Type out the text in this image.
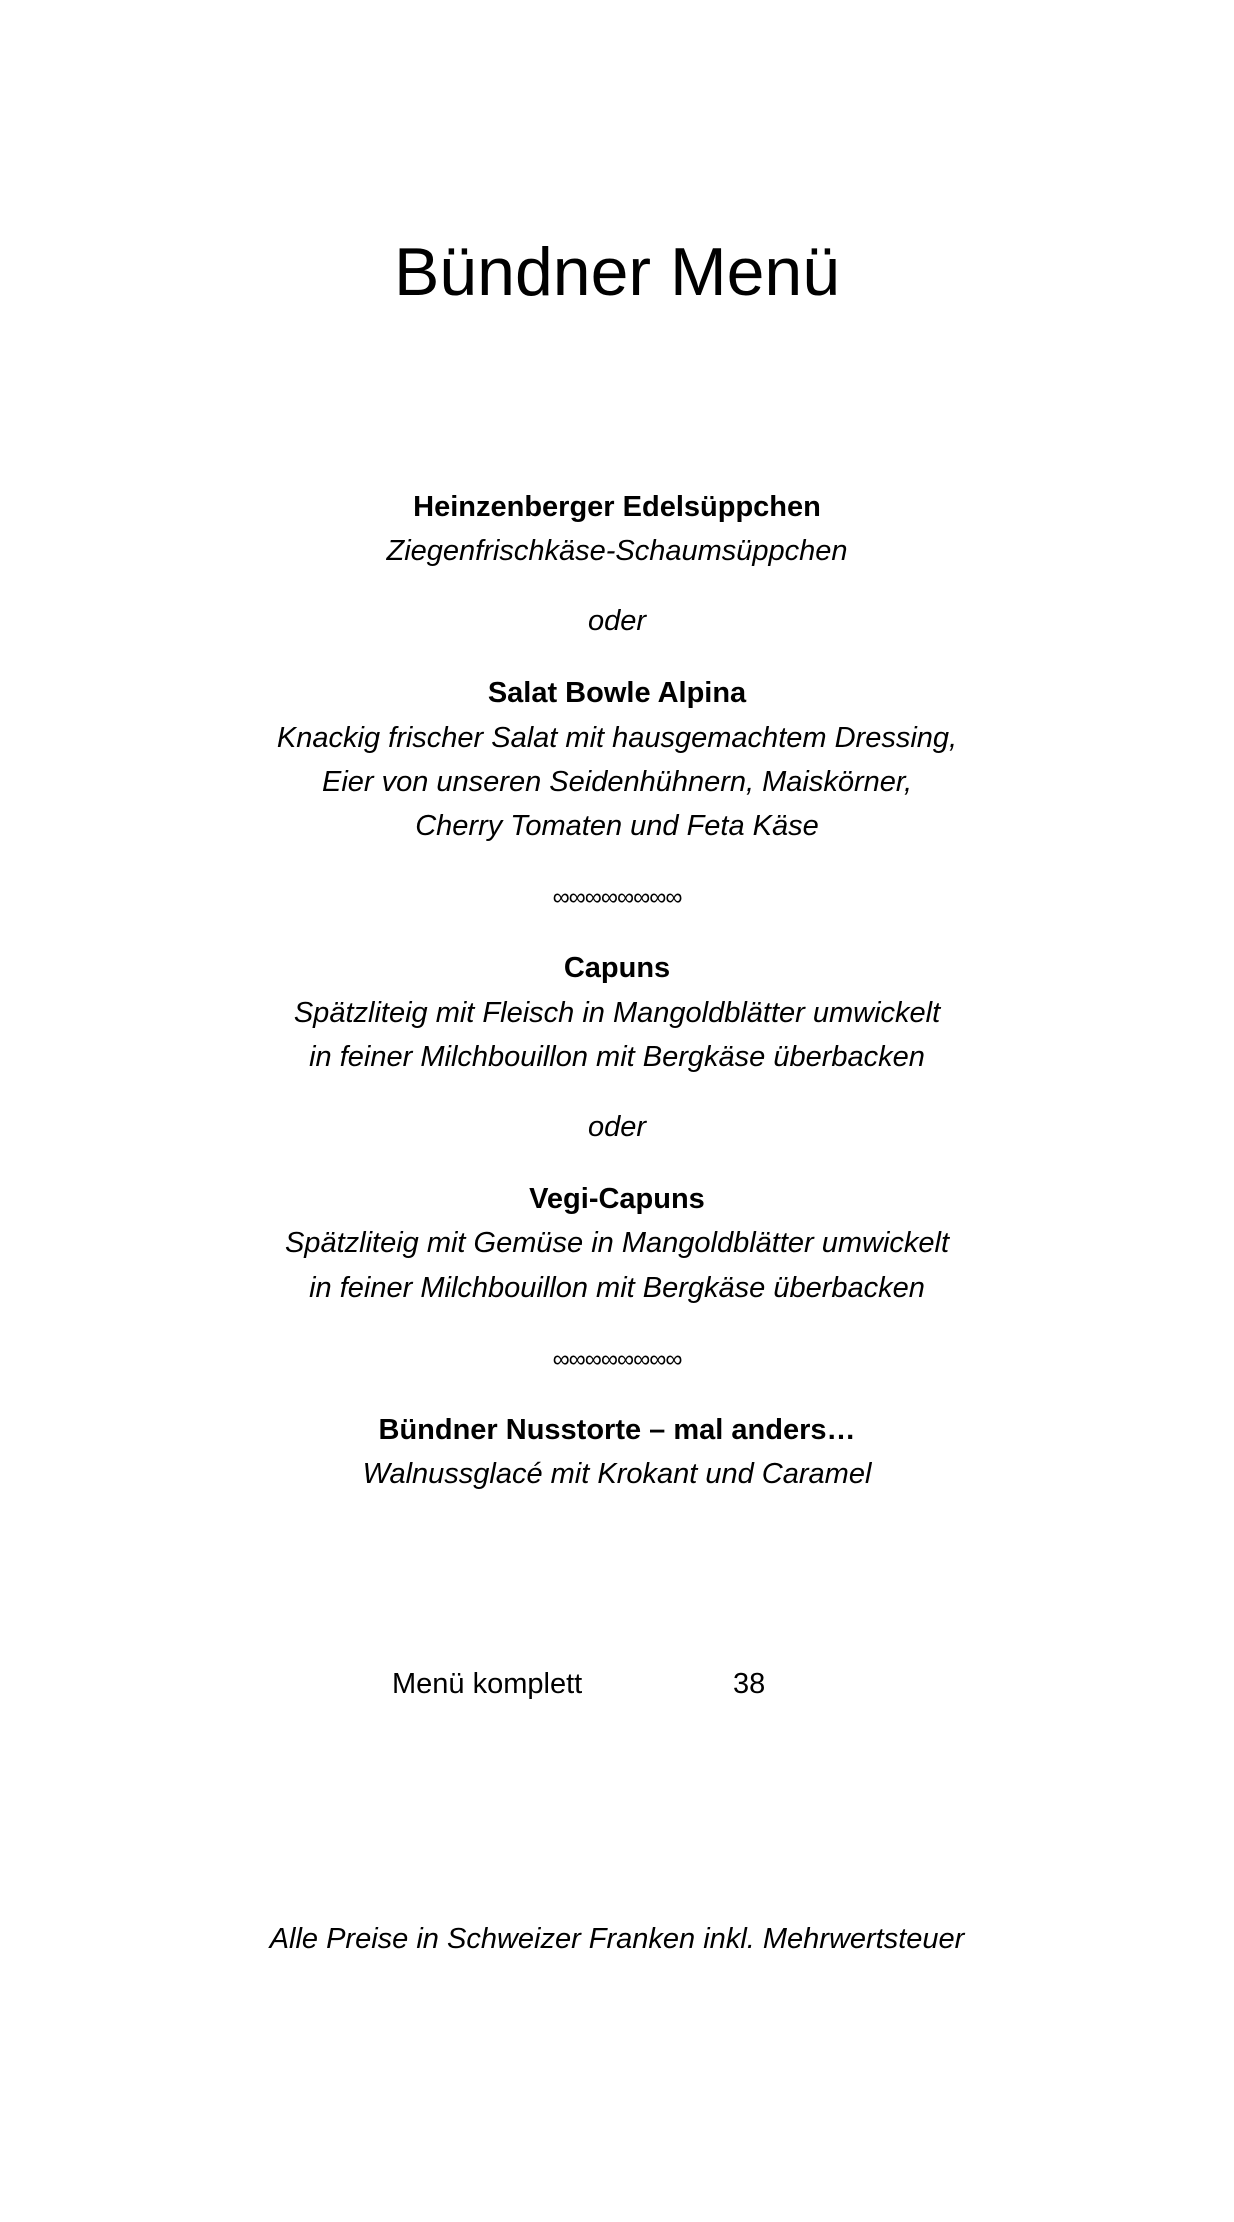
Bündner Menü
Heinzenberger Edelsüppchen
Ziegenfrischkäse-Schaumsüppchen
oder
Salat Bowle Alpina
Knackig frischer Salat mit hausgemachtem Dressing,
Eier von unseren Seidenhühnern, Maiskörner,
Cherry Tomaten und Feta Käse
∞∞∞∞∞∞∞∞
Capuns
Spätzliteig mit Fleisch in Mangoldblätter umwickelt
in feiner Milchbouillon mit Bergkäse überbacken
oder
Vegi-Capuns
Spätzliteig mit Gemüse in Mangoldblätter umwickelt
in feiner Milchbouillon mit Bergkäse überbacken
∞∞∞∞∞∞∞∞
Bündner Nusstorte – mal anders…
Walnussglacé mit Krokant und Caramel
Menü komplett	38
Alle Preise in Schweizer Franken inkl. Mehrwertsteuer
